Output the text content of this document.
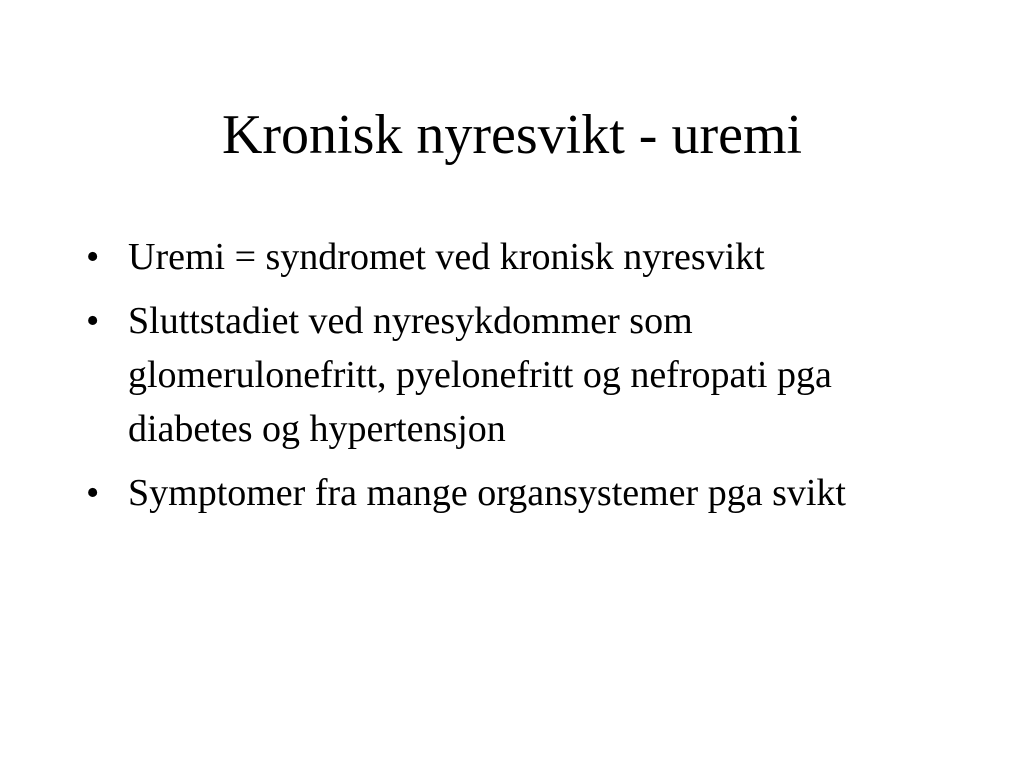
Kronisk nyresvikt - uremi
• Uremi = syndromet ved kronisk nyresvikt
• Sluttstadiet ved nyresykdommer som glomerulonefritt, pyelonefritt og nefropati pga diabetes og hypertensjon
• Symptomer fra mange organsystemer pga svikt
